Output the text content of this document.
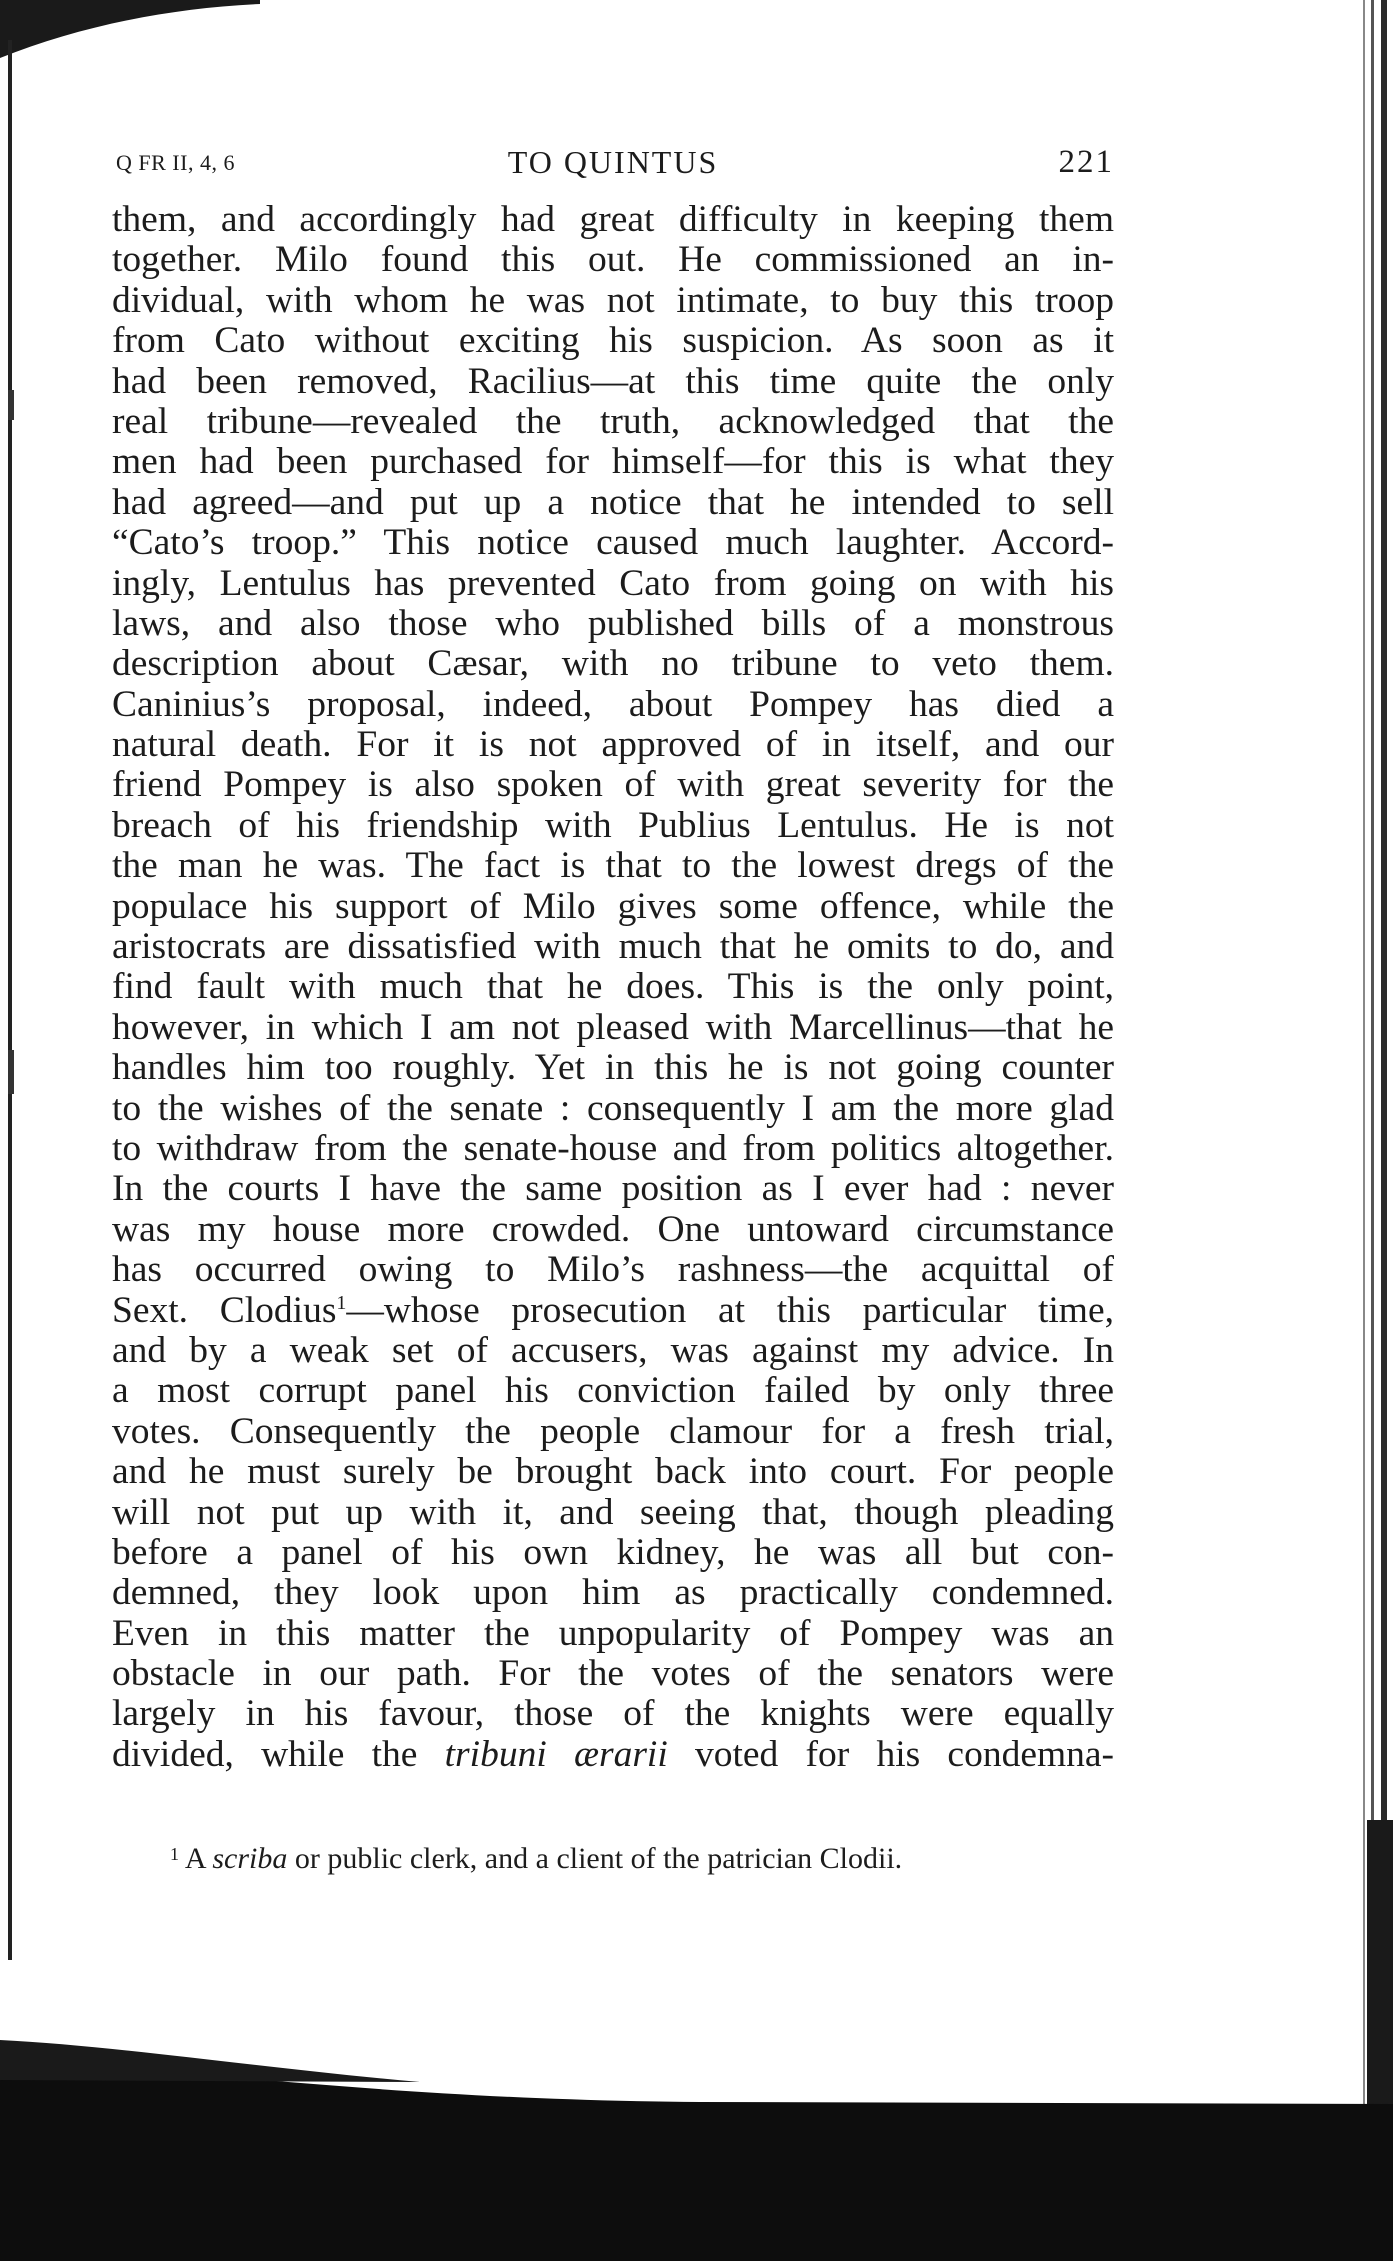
Q FR II, 4, 6	TO QUINTUS	221
them, and accordingly had great difficulty in keeping them
together. Milo found this out. He commissioned an in-
dividual, with whom he was not intimate, to buy this troop
from Cato without exciting his suspicion. As soon as it
had been removed, Racilius—at this time quite the only
real tribune—revealed the truth, acknowledged that the
men had been purchased for himself—for this is what they
had agreed—and put up a notice that he intended to sell
“Cato’s troop.” This notice caused much laughter. Accord-
ingly, Lentulus has prevented Cato from going on with his
laws, and also those who published bills of a monstrous
description about Cæsar, with no tribune to veto them.
Caninius’s proposal, indeed, about Pompey has died a
natural death. For it is not approved of in itself, and our
friend Pompey is also spoken of with great severity for the
breach of his friendship with Publius Lentulus. He is not
the man he was. The fact is that to the lowest dregs of the
populace his support of Milo gives some offence, while the
aristocrats are dissatisfied with much that he omits to do, and
find fault with much that he does. This is the only point,
however, in which I am not pleased with Marcellinus—that he
handles him too roughly. Yet in this he is not going counter
to the wishes of the senate : consequently I am the more glad
to withdraw from the senate-house and from politics altogether.
In the courts I have the same position as I ever had : never
was my house more crowded. One untoward circumstance
has occurred owing to Milo’s rashness—the acquittal of
Sext. Clodius$^1$—whose prosecution at this particular time,
and by a weak set of accusers, was against my advice. In
a most corrupt panel his conviction failed by only three
votes. Consequently the people clamour for a fresh trial,
and he must surely be brought back into court. For people
will not put up with it, and seeing that, though pleading
before a panel of his own kidney, he was all but con-
demned, they look upon him as practically condemned.
Even in this matter the unpopularity of Pompey was an
obstacle in our path. For the votes of the senators were
largely in his favour, those of the knights were equally
divided, while the tribuni ærarii voted for his condemna-
$^1$ A scriba or public clerk, and a client of the patrician Clodii.
